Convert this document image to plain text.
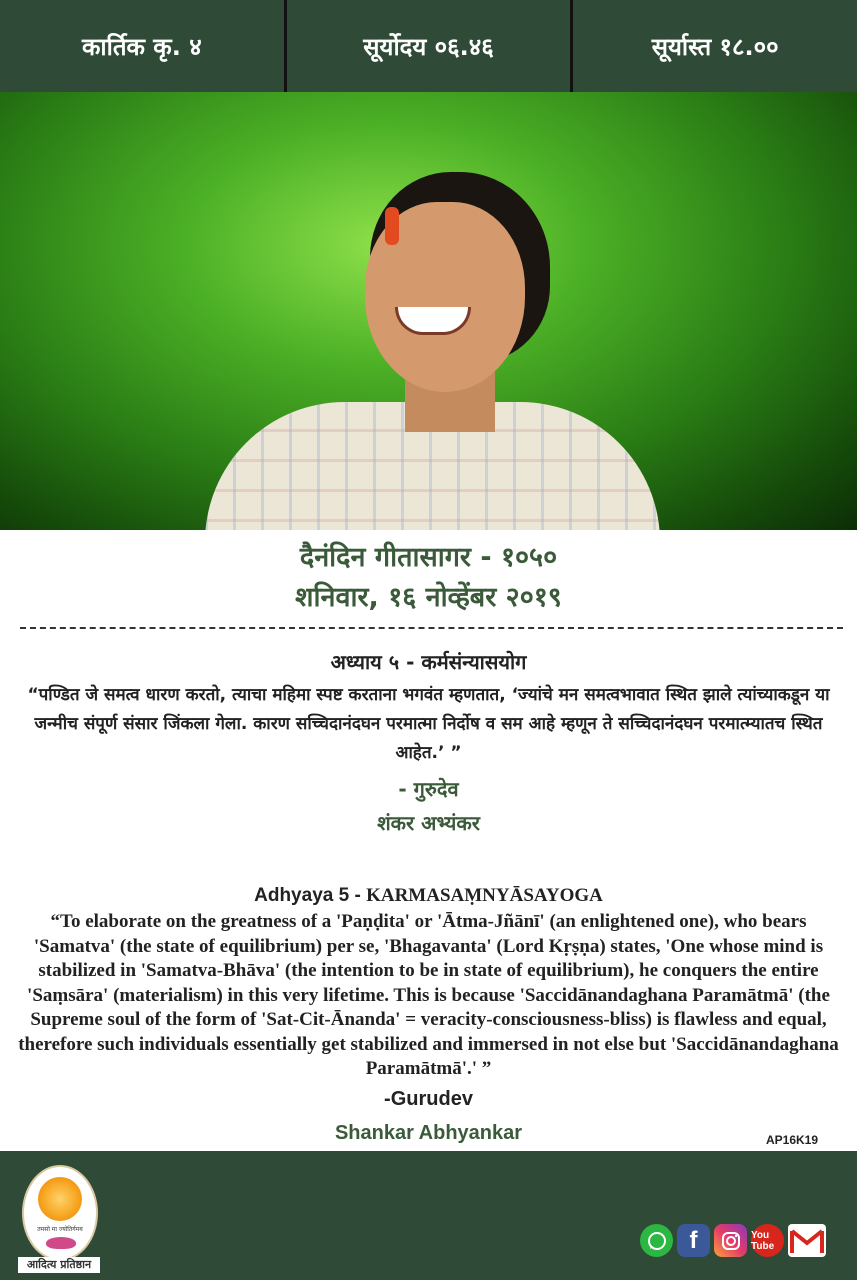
कार्तिक कृ. ४	सूर्योदय ०६.४६	सूर्यास्त १८.००
दैनंदिन गीतासागर - १०५०
शनिवार, १६ नोव्हेंबर २०१९
अध्याय ५ - कर्मसंन्यासयोग
“पण्डित जे समत्व धारण करतो, त्याचा महिमा स्पष्ट करताना भगवंत म्हणतात, ‘ज्यांचे मन समत्वभावात स्थित झाले त्यांच्याकडून या जन्मीच संपूर्ण संसार जिंकला गेला. कारण सच्चिदानंदघन परमात्मा निर्दोष व सम आहे म्हणून ते सच्चिदानंदघन परमात्म्यातच स्थित आहेत.’ ”
- गुरुदेव
शंकर अभ्यंकर
Adhyaya 5 - KARMASAṂNYĀSAYOGA
“To elaborate on the greatness of a 'Paṇḍita' or 'Ātma-Jñānī' (an enlightened one), who bears 'Samatva' (the state of equilibrium) per se, 'Bhagavanta' (Lord Kṛṣṇa) states, 'One whose mind is stabilized in 'Samatva-Bhāva' (the intention to be in state of equilibrium), he conquers the entire 'Saṃsāra' (materialism) in this very lifetime. This is because 'Saccidānandaghana Paramātmā' (the Supreme soul of the form of 'Sat-Cit-Ānanda' = veracity-consciousness-bliss) is flawless and equal, therefore such individuals essentially get stabilized and immersed in not else but 'Saccidānandaghana Paramātmā'.' ”
-Gurudev
Shankar Abhyankar	AP16K19
तमसो मा ज्योतिर्गमय
आदित्य प्रतिष्ठान
f	You Tube
